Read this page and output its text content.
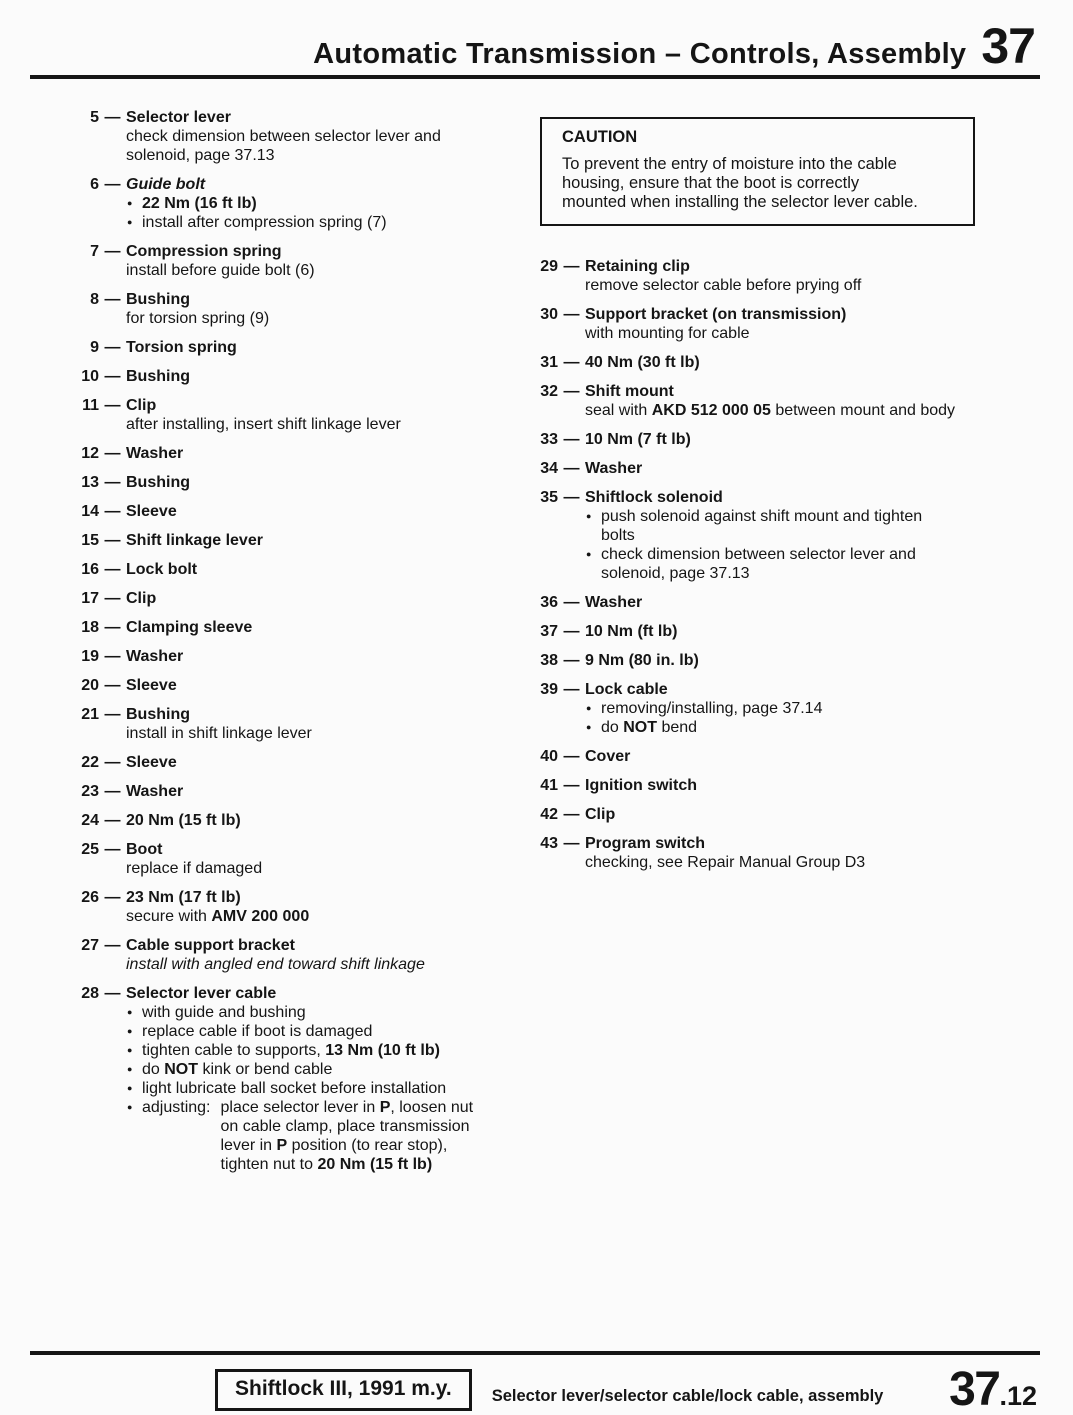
Automatic Transmission – Controls, Assembly 37
5 — Selector lever
check dimension between selector lever and solenoid, page 37.13
6 — Guide bolt
● 22 Nm (16 ft lb)
● install after compression spring (7)
7 — Compression spring
install before guide bolt (6)
8 — Bushing
for torsion spring (9)
9 — Torsion spring
10 — Bushing
11 — Clip
after installing, insert shift linkage lever
12 — Washer
13 — Bushing
14 — Sleeve
15 — Shift linkage lever
16 — Lock bolt
17 — Clip
18 — Clamping sleeve
19 — Washer
20 — Sleeve
21 — Bushing
install in shift linkage lever
22 — Sleeve
23 — Washer
24 — 20 Nm (15 ft lb)
25 — Boot
replace if damaged
26 — 23 Nm (17 ft lb)
secure with AMV 200 000
27 — Cable support bracket
install with angled end toward shift linkage
28 — Selector lever cable
● with guide and bushing
● replace cable if boot is damaged
● tighten cable to supports, 13 Nm (10 ft lb)
● do NOT kink or bend cable
● light lubricate ball socket before installation
● adjusting: place selector lever in P, loosen nut on cable clamp, place transmission lever in P position (to rear stop), tighten nut to 20 Nm (15 ft lb)
CAUTION

To prevent the entry of moisture into the cable housing, ensure that the boot is correctly mounted when installing the selector lever cable.

29 — Retaining clip
remove selector cable before prying off
30 — Support bracket (on transmission)
with mounting for cable
31 — 40 Nm (30 ft lb)
32 — Shift mount
seal with AKD 512 000 05 between mount and body
33 — 10 Nm (7 ft lb)
34 — Washer
35 — Shiftlock solenoid
● push solenoid against shift mount and tighten bolts
● check dimension between selector lever and solenoid, page 37.13
36 — Washer
37 — 10 Nm (ft lb)
38 — 9 Nm (80 in. lb)
39 — Lock cable
● removing/installing, page 37.14
● do NOT bend
40 — Cover
41 — Ignition switch
42 — Clip
43 — Program switch
checking, see Repair Manual Group D3
Shiftlock III, 1991 m.y.	Selector lever/selector cable/lock cable, assembly	37.12
